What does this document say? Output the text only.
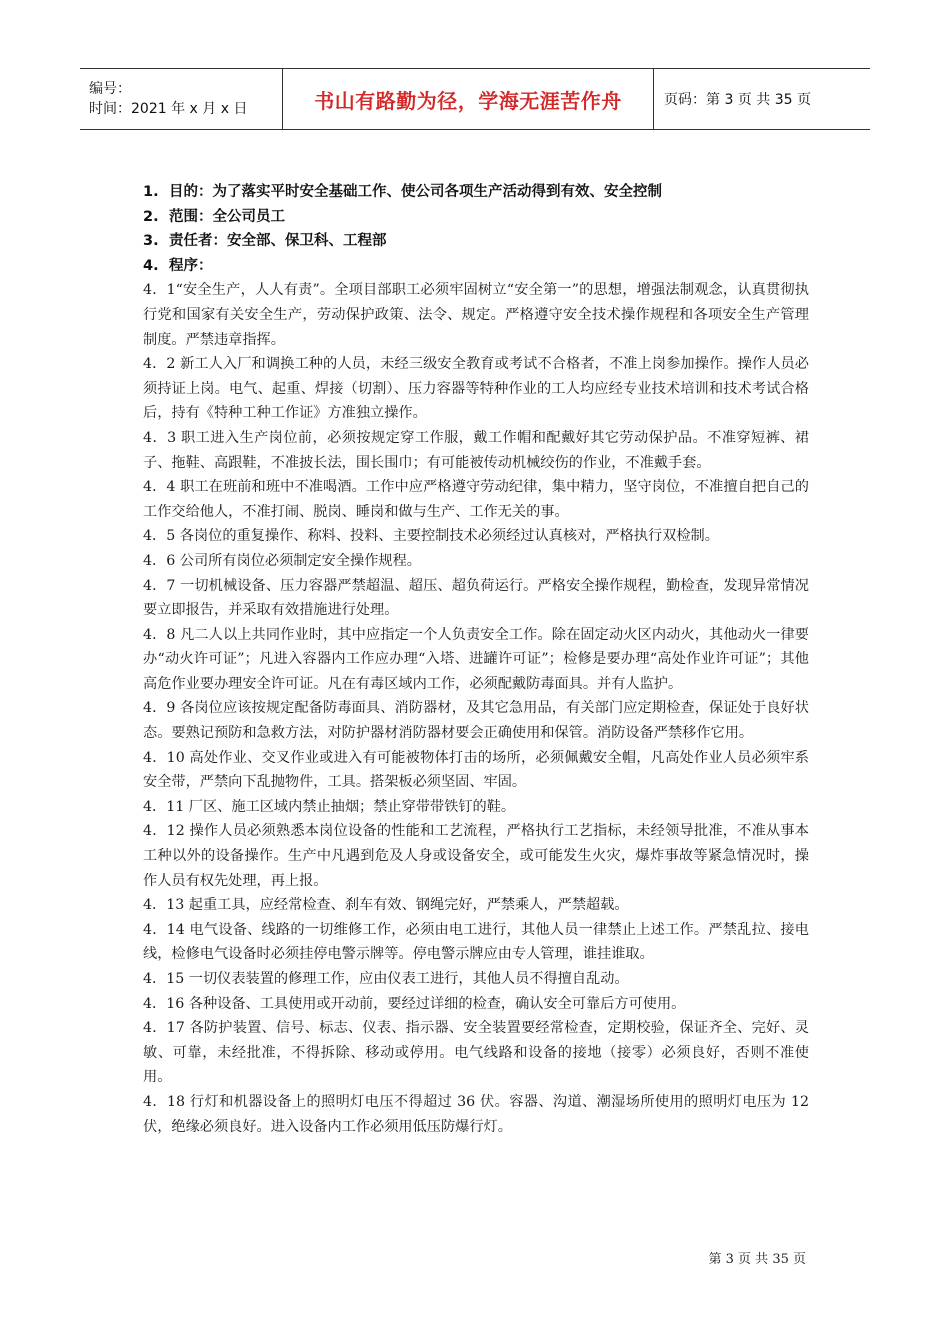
编号：
时间：2021 年 x 月 x 日	书山有路勤为径，学海无涯苦作舟	页码：第 3 页 共 35 页
1. 目的：为了落实平时安全基础工作、使公司各项生产活动得到有效、安全控制
2. 范围：全公司员工
3. 责任者：安全部、保卫科、工程部
4. 程序：
4．1“安全生产，人人有责”。全项目部职工必须牢固树立“安全第一”的思想，增强法制观念，认真贯彻执行党和国家有关安全生产，劳动保护政策、法令、规定。严格遵守安全技术操作规程和各项安全生产管理制度。严禁违章指挥。
4．2 新工人入厂和调换工种的人员，未经三级安全教育或考试不合格者，不准上岗参加操作。操作人员必须持证上岗。电气、起重、焊接（切割）、压力容器等特种作业的工人均应经专业技术培训和技术考试合格后，持有《特种工种工作证》方准独立操作。
4．3 职工进入生产岗位前，必须按规定穿工作服，戴工作帽和配戴好其它劳动保护品。不准穿短裤、裙子、拖鞋、高跟鞋，不准披长法，围长围巾；有可能被传动机械绞伤的作业，不准戴手套。
4．4 职工在班前和班中不准喝酒。工作中应严格遵守劳动纪律，集中精力，坚守岗位，不准擅自把自己的工作交给他人，不准打闹、脱岗、睡岗和做与生产、工作无关的事。
4．5 各岗位的重复操作、称料、投料、主要控制技术必须经过认真核对，严格执行双检制。
4．6 公司所有岗位必须制定安全操作规程。
4．7 一切机械设备、压力容器严禁超温、超压、超负荷运行。严格安全操作规程，勤检查，发现异常情况要立即报告，并采取有效措施进行处理。
4．8 凡二人以上共同作业时，其中应指定一个人负责安全工作。除在固定动火区内动火，其他动火一律要办“动火许可证”；凡进入容器内工作应办理“入塔、进罐许可证”；检修是要办理“高处作业许可证”；其他高危作业要办理安全许可证。凡在有毒区域内工作，必须配戴防毒面具。并有人监护。
4．9 各岗位应该按规定配备防毒面具、消防器材，及其它急用品，有关部门应定期检查，保证处于良好状态。要熟记预防和急救方法，对防护器材消防器材要会正确使用和保管。消防设备严禁移作它用。
4．10 高处作业、交叉作业或进入有可能被物体打击的场所，必须佩戴安全帽，凡高处作业人员必须牢系安全带，严禁向下乱抛物件，工具。搭架板必须坚固、牢固。
4．11 厂区、施工区域内禁止抽烟；禁止穿带带铁钉的鞋。
4．12 操作人员必须熟悉本岗位设备的性能和工艺流程，严格执行工艺指标，未经领导批准，不准从事本工种以外的设备操作。生产中凡遇到危及人身或设备安全，或可能发生火灾，爆炸事故等紧急情况时，操作人员有权先处理，再上报。
4．13 起重工具，应经常检查、刹车有效、钢绳完好，严禁乘人，严禁超载。
4．14 电气设备、线路的一切维修工作，必须由电工进行，其他人员一律禁止上述工作。严禁乱拉、接电线，检修电气设备时必须挂停电警示牌等。停电警示牌应由专人管理，谁挂谁取。
4．15 一切仪表装置的修理工作，应由仪表工进行，其他人员不得擅自乱动。
4．16 各种设备、工具使用或开动前，要经过详细的检查，确认安全可靠后方可使用。
4．17 各防护装置、信号、标志、仪表、指示器、安全装置要经常检查，定期校验，保证齐全、完好、灵敏、可靠，未经批准，不得拆除、移动或停用。电气线路和设备的接地（接零）必须良好，否则不准使用。
4．18 行灯和机器设备上的照明灯电压不得超过 36 伏。容器、沟道、潮湿场所使用的照明灯电压为 12 伏，绝缘必须良好。进入设备内工作必须用低压防爆行灯。
第 3 页 共 35 页
